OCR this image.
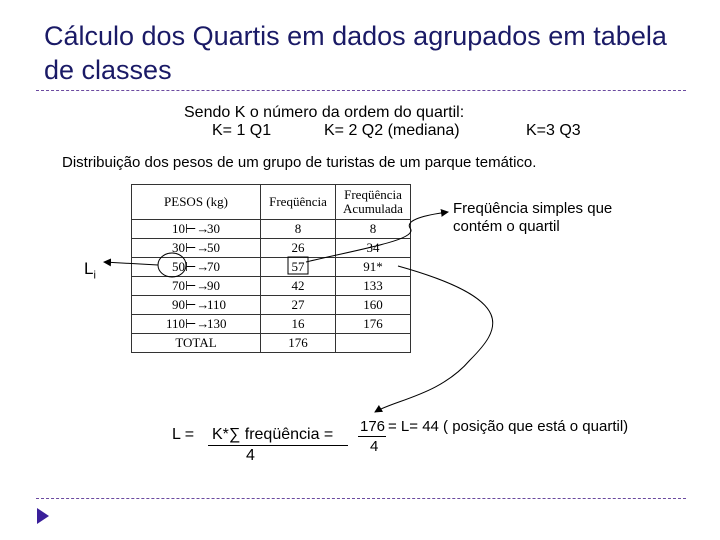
Cálculo dos Quartis em dados agrupados em tabela de classes
Sendo K o número da ordem do quartil:
K= 1 Q1	K= 2 Q2 (mediana)	K=3 Q3
Distribuição dos pesos de um grupo de turistas de um parque temático.
PESOS (kg)	Freqüência	Freqüência Acumulada
10⊢→30	8	8
30⊢→50	26	34
50⊢→70	57	91*
70⊢→90	42	133
90⊢→110	27	160
110⊢→130	16	176
TOTAL	176	
$L_i$
Freqüência simples que contém o quartil
L = K*∑ freqüência =
4
176
4
= L= 44 ( posição que está o quartil)
